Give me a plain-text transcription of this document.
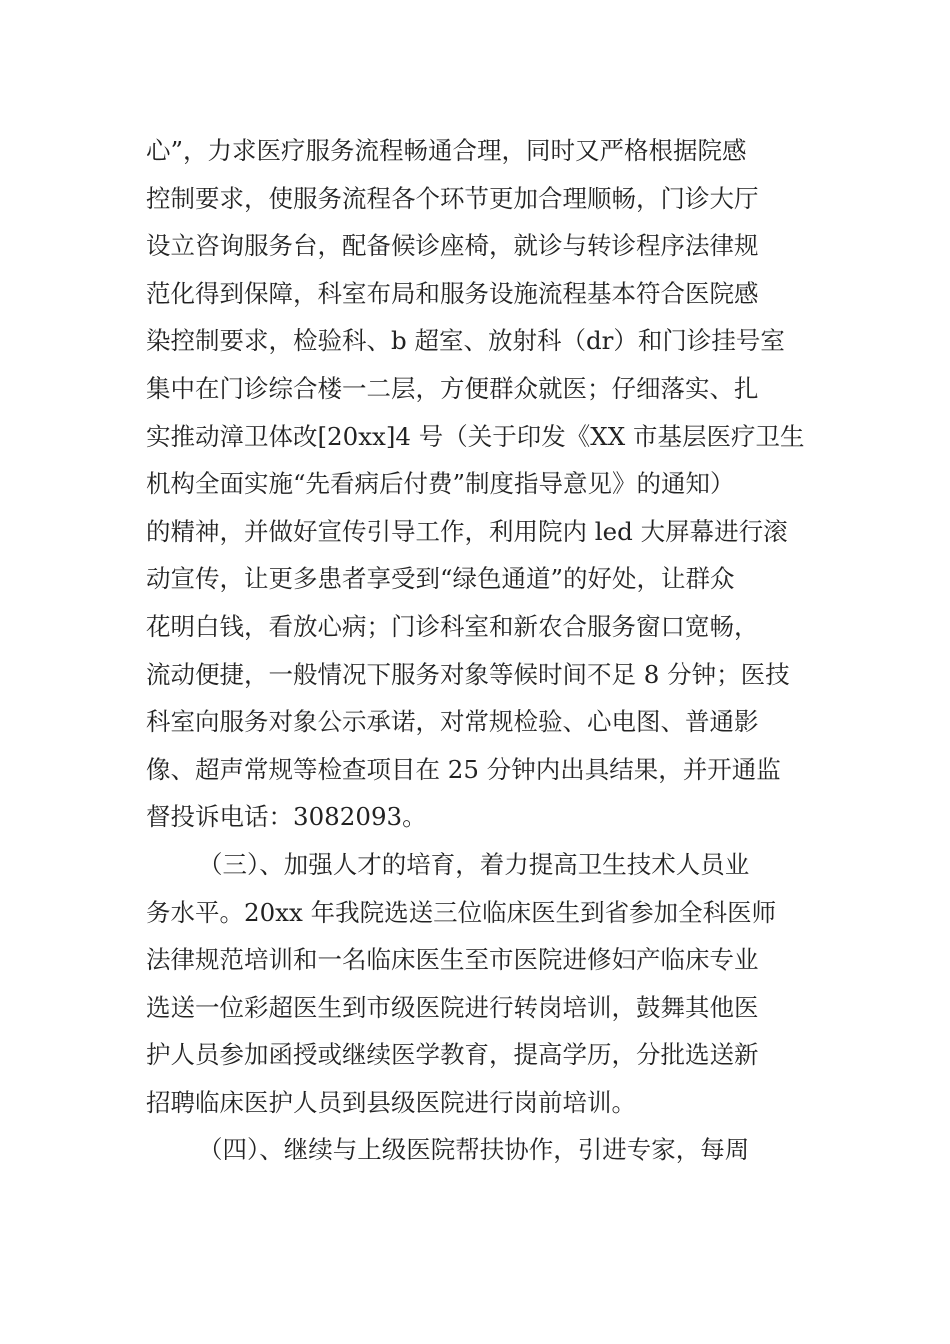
心”，力求医疗服务流程畅通合理，同时又严格根据院感
控制要求，使服务流程各个环节更加合理顺畅，门诊大厅
设立咨询服务台，配备候诊座椅，就诊与转诊程序法律规
范化得到保障，科室布局和服务设施流程基本符合医院感
染控制要求，检验科、b 超室、放射科（dr）和门诊挂号室
集中在门诊综合楼一二层，方便群众就医；仔细落实、扎
实推动漳卫体改[20xx]4 号（关于印发《XX 市基层医疗卫生
机构全面实施“先看病后付费”制度指导意见》的通知）
的精神，并做好宣传引导工作，利用院内 led 大屏幕进行滚
动宣传，让更多患者享受到“绿色通道”的好处，让群众
花明白钱，看放心病；门诊科室和新农合服务窗口宽畅，
流动便捷，一般情况下服务对象等候时间不足 8 分钟；医技
科室向服务对象公示承诺，对常规检验、心电图、普通影
像、超声常规等检查项目在 25 分钟内出具结果，并开通监
督投诉电话：3082093。
（三）、加强人才的培育，着力提高卫生技术人员业
务水平。20xx 年我院选送三位临床医生到省参加全科医师
法律规范培训和一名临床医生至市医院进修妇产临床专业
选送一位彩超医生到市级医院进行转岗培训，鼓舞其他医
护人员参加函授或继续医学教育，提高学历，分批选送新
招聘临床医护人员到县级医院进行岗前培训。
（四）、继续与上级医院帮扶协作，引进专家，每周
